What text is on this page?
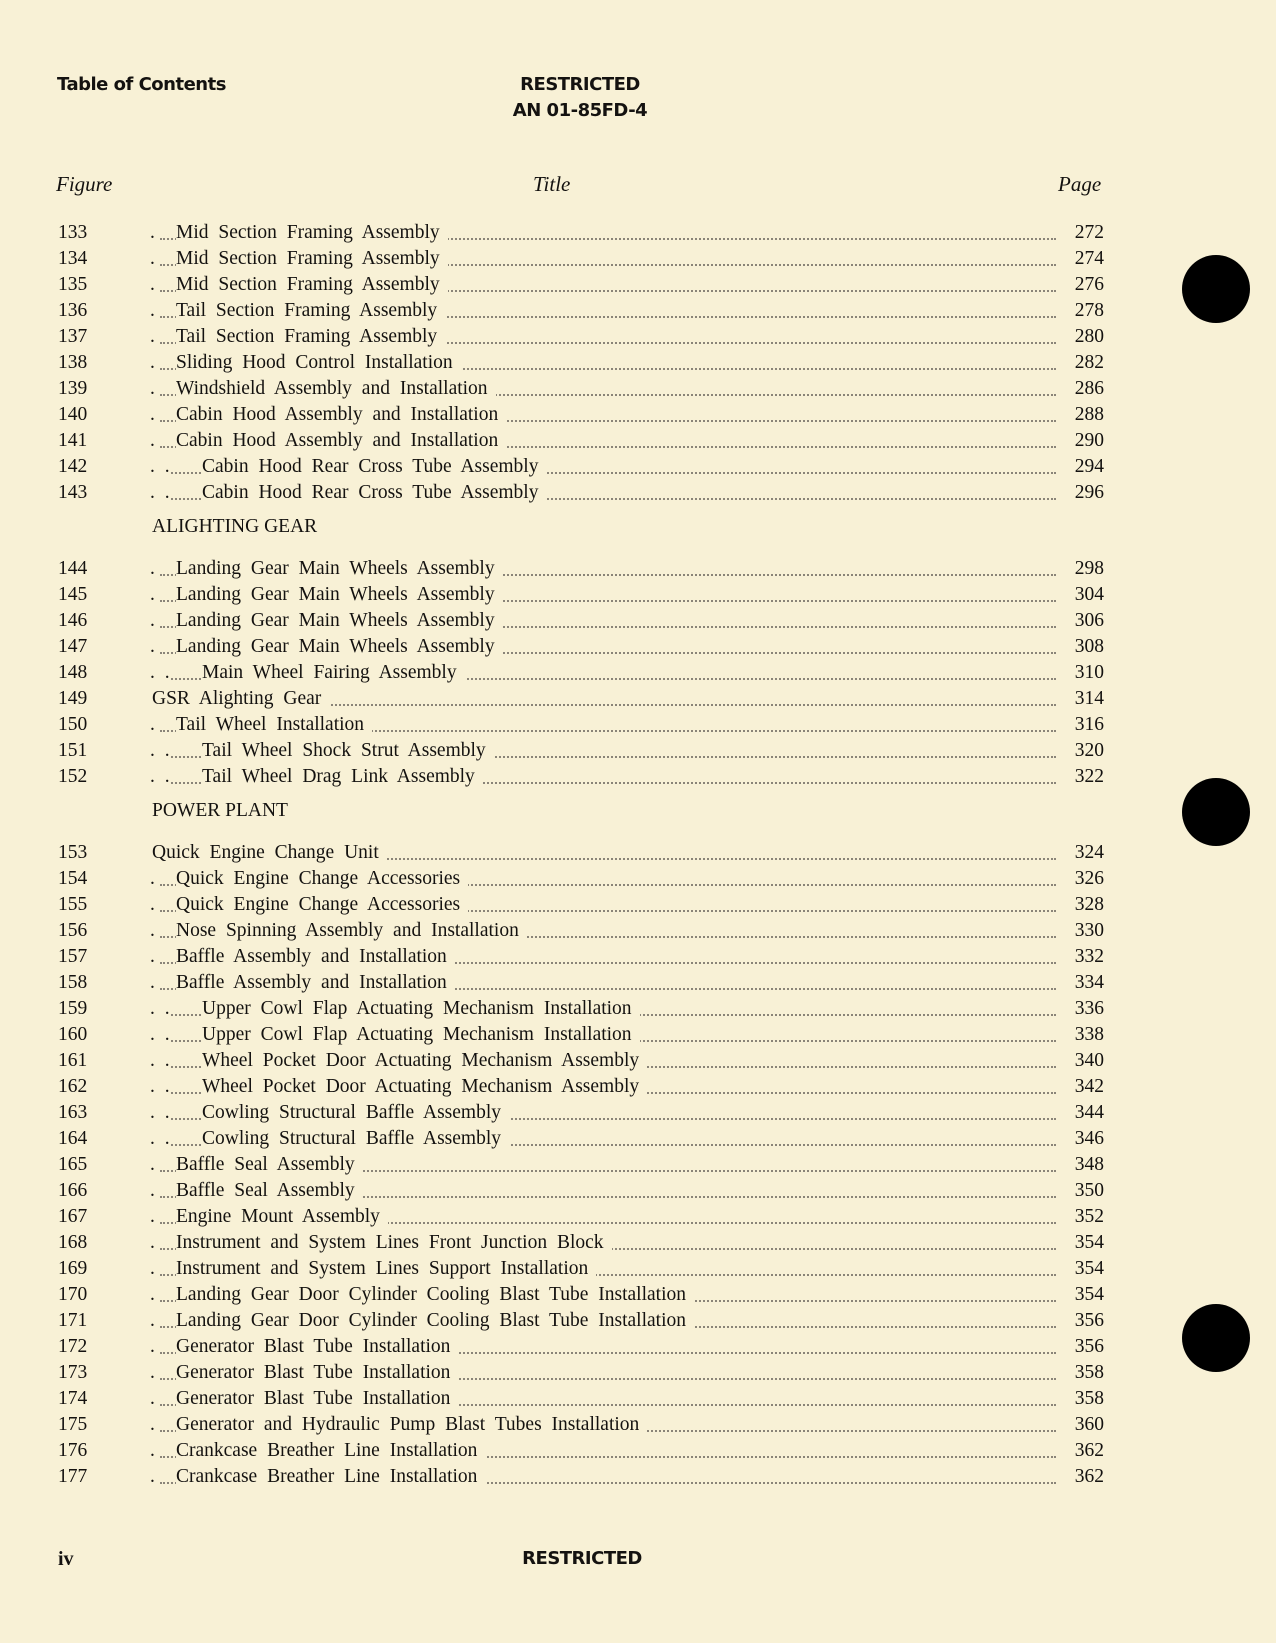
Table of Contents	RESTRICTED
AN 01-85FD-4
Figure	Title	Page
133	. Mid Section Framing Assembly	272
134	. Mid Section Framing Assembly	274
135	. Mid Section Framing Assembly	276
136	. Tail Section Framing Assembly	278
137	. Tail Section Framing Assembly	280
138	. Sliding Hood Control Installation	282
139	. Windshield Assembly and Installation	286
140	. Cabin Hood Assembly and Installation	288
141	. Cabin Hood Assembly and Installation	290
142	. . Cabin Hood Rear Cross Tube Assembly	294
143	. . Cabin Hood Rear Cross Tube Assembly	296
ALIGHTING GEAR
144	. Landing Gear Main Wheels Assembly	298
145	. Landing Gear Main Wheels Assembly	304
146	. Landing Gear Main Wheels Assembly	306
147	. Landing Gear Main Wheels Assembly	308
148	. . Main Wheel Fairing Assembly	310
149	GSR Alighting Gear	314
150	. Tail Wheel Installation	316
151	. . Tail Wheel Shock Strut Assembly	320
152	. . Tail Wheel Drag Link Assembly	322
POWER PLANT
153	Quick Engine Change Unit	324
154	. Quick Engine Change Accessories	326
155	. Quick Engine Change Accessories	328
156	. Nose Spinning Assembly and Installation	330
157	. Baffle Assembly and Installation	332
158	. Baffle Assembly and Installation	334
159	. . Upper Cowl Flap Actuating Mechanism Installation	336
160	. . Upper Cowl Flap Actuating Mechanism Installation	338
161	. . Wheel Pocket Door Actuating Mechanism Assembly	340
162	. . Wheel Pocket Door Actuating Mechanism Assembly	342
163	. . Cowling Structural Baffle Assembly	344
164	. . Cowling Structural Baffle Assembly	346
165	. Baffle Seal Assembly	348
166	. Baffle Seal Assembly	350
167	. Engine Mount Assembly	352
168	. Instrument and System Lines Front Junction Block	354
169	. Instrument and System Lines Support Installation	354
170	. Landing Gear Door Cylinder Cooling Blast Tube Installation	354
171	. Landing Gear Door Cylinder Cooling Blast Tube Installation	356
172	. Generator Blast Tube Installation	356
173	. Generator Blast Tube Installation	358
174	. Generator Blast Tube Installation	358
175	. Generator and Hydraulic Pump Blast Tubes Installation	360
176	. Crankcase Breather Line Installation	362
177	. Crankcase Breather Line Installation	362
iv	RESTRICTED
